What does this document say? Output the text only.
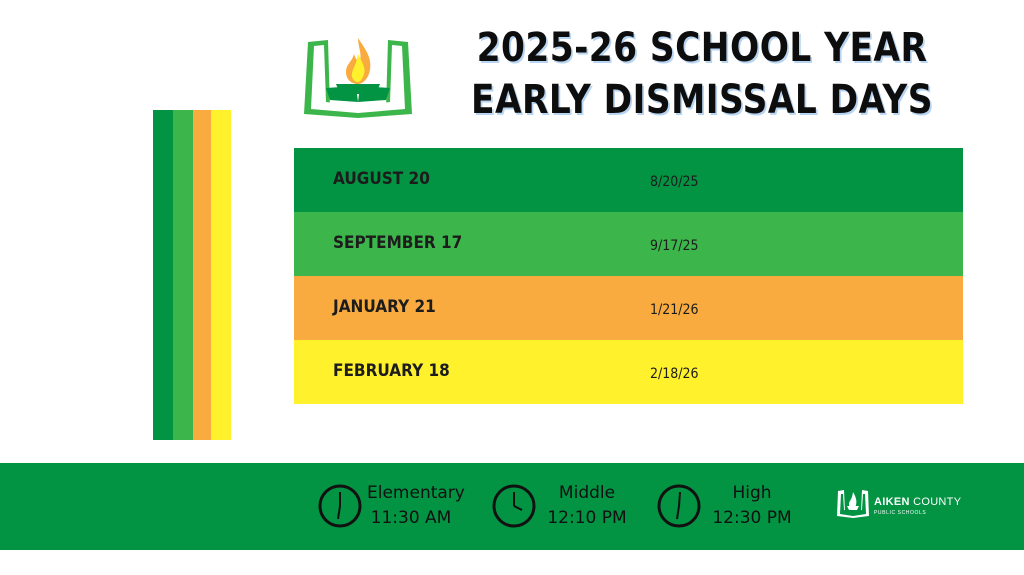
2025-26 SCHOOL YEAR
EARLY DISMISSAL DAYS
AUGUST 20	8/20/25
SEPTEMBER 17	9/17/25
JANUARY 21	1/21/26
FEBRUARY 18	2/18/26
Elementary
11:30 AM
Middle
12:10 PM
High
12:30 PM
AIKEN COUNTY
PUBLIC SCHOOLS
